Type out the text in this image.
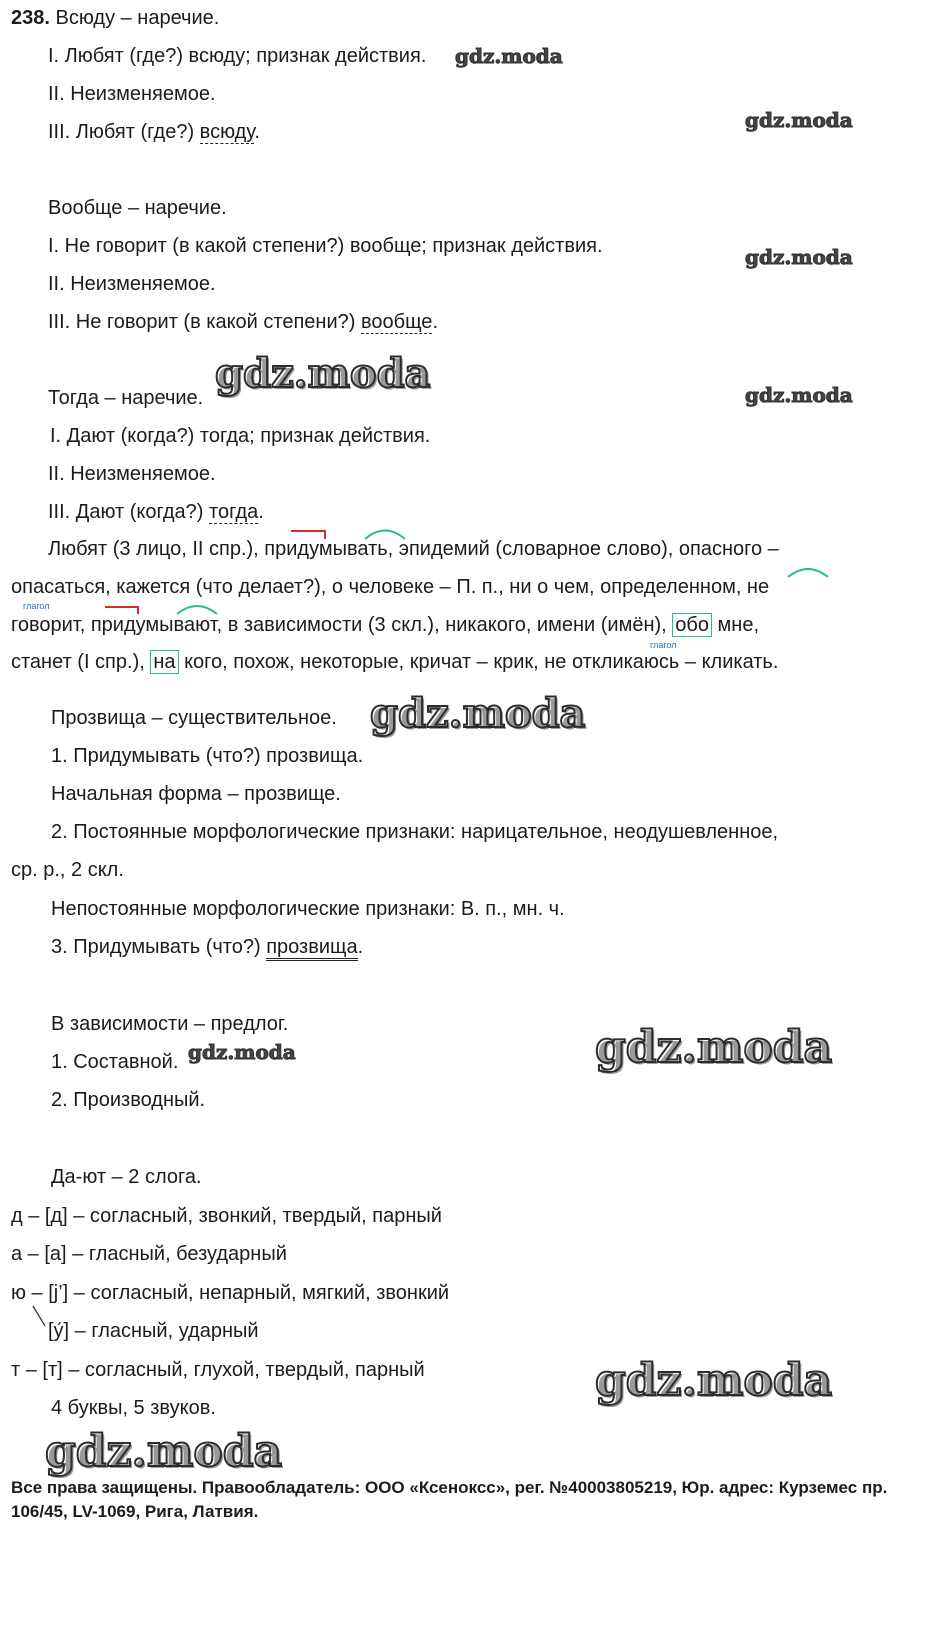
238. Всюду – наречие.
I. Любят (где?) всюду; признак действия.
II. Неизменяемое.
III. Любят (где?) всюду.
Вообще – наречие.
I. Не говорит (в какой степени?) вообще; признак действия.
II. Неизменяемое.
III. Не говорит (в какой степени?) вообще.
Тогда – наречие.
I. Дают (когда?) тогда; признак действия.
II. Неизменяемое.
III. Дают (когда?) тогда.
Любят (3 лицо, II спр.), придумывать, эпидемий (словарное слово), опасного –
опасаться, кажется (что делает?), о человеке – П. п., ни о чем, определенном, не
глагол
говорит, придумывают, в зависимости (3 скл.), никакого, имени (имён), обо мне,
глагол
станет (I спр.), на кого, похож, некоторые, кричат – крик, не откликаюсь – кликать.
Прозвища – существительное.
1. Придумывать (что?) прозвища.
Начальная форма – прозвище.
2. Постоянные морфологические признаки: нарицательное, неодушевленное,
ср. р., 2 скл.
Непостоянные морфологические признаки: В. п., мн. ч.
3. Придумывать (что?) прозвища.
В зависимости – предлог.
1. Составной.
2. Производный.
Да-ют – 2 слога.
д – [д] – согласный, звонкий, твердый, парный
а – [а] – гласный, безударный
ю – [j’] – согласный, непарный, мягкий, звонкий
[у́] – гласный, ударный
т – [т] – согласный, глухой, твердый, парный
4 буквы, 5 звуков.
gdz.moda
gdz.moda
gdz.moda
gdz.moda	gdz.moda
gdz.moda
gdz.moda	gdz.moda
gdz.moda
gdz.moda
Все права защищены. Правообладатель: ООО «Ксеноксс», рег. №40003805219, Юр. адрес: Курземес пр. 106/45, LV-1069, Рига, Латвия.
